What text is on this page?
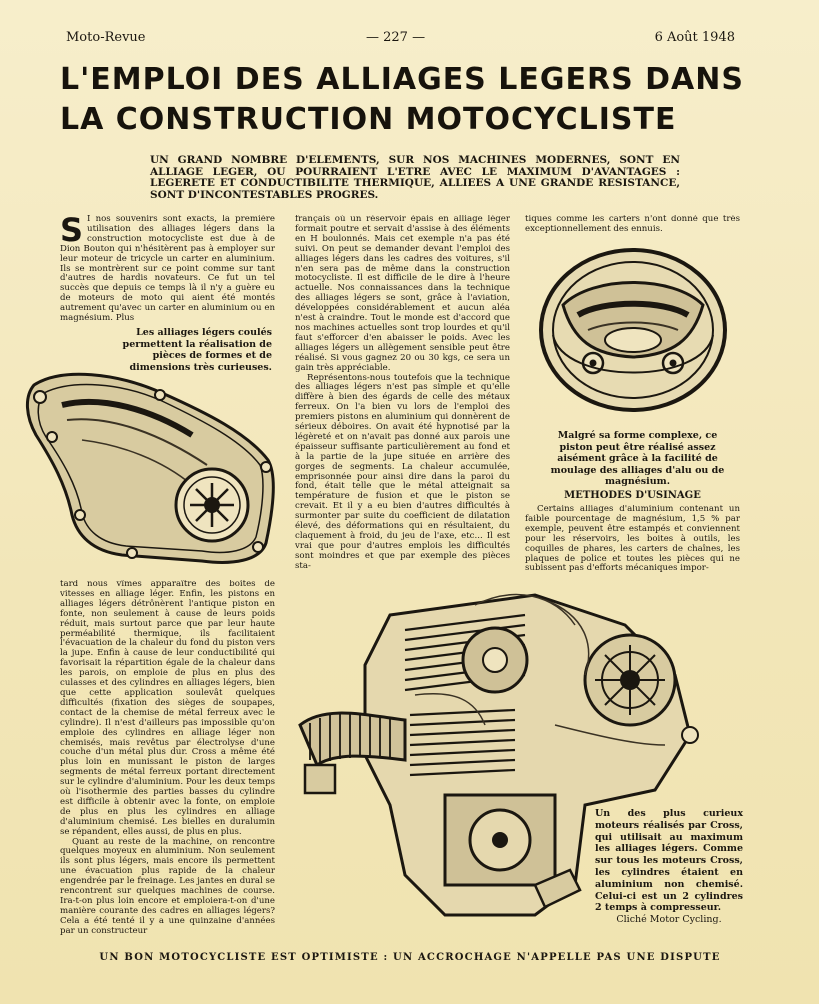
Moto-Revue	— 227 —	6 Août 1948
L'EMPLOI DES ALLIAGES LEGERS DANS
LA CONSTRUCTION MOTOCYCLISTE
UN GRAND NOMBRE D'ELEMENTS, SUR NOS MACHINES MODERNES, SONT EN ALLIAGE LEGER, OU POURRAIENT L'ETRE AVEC LE MAXIMUM D'AVANTAGES : LEGERETE ET CONDUCTIBILITE THERMIQUE, ALLIEES A UNE GRANDE RESISTANCE, SONT D'INCONTESTABLES PROGRES.
S I nos souvenirs sont exacts, la première utilisation des alliages légers dans la construction motocycliste est due à de Dion Bouton qui n'hésitèrent pas à employer sur leur moteur de tricycle un carter en aluminium. Ils se montrèrent sur ce point comme sur tant d'autres de hardis novateurs. Ce fut un tel succès que depuis ce temps là il n'y a guère eu de moteurs de moto qui aient été montés autrement qu'avec un carter en aluminium ou en magnésium. Plus

Les alliages légers coulés permettent la réalisation de pièces de formes et de dimensions très curieuses.

tard nous vîmes apparaître des boites de vitesses en alliage léger. Enfin, les pistons en alliages légers détrônèrent l'antique piston en fonte, non seulement à cause de leurs poids réduit, mais surtout parce que par leur haute perméabilité thermique, ils facilitaient l'évacuation de la chaleur du fond du piston vers la jupe. Enfin à cause de leur conductibilité qui favorisait la répartition égale de la chaleur dans les parois, on emploie de plus en plus des culasses et des cylindres en alliages légers, bien que cette application soulevât quelques difficultés (fixation des sièges de soupapes, contact de la chemise de métal ferreux avec le cylindre). Il n'est d'ailleurs pas impossible qu'on emploie des cylindres en alliage léger non chemisés, mais revêtus par électrolyse d'une couche d'un métal plus dur. Cross a même été plus loin en munissant le piston de larges segments de métal ferreux portant directement sur le cylindre d'aluminium. Pour les deux temps où l'isothermie des parties basses du cylindre est difficile à obtenir avec la fonte, on emploie de plus en plus les cylindres en alliage d'aluminium chemisé. Les bielles en duralumin se répandent, elles aussi, de plus en plus.

Quant au reste de la machine, on rencontre quelques moyeux en aluminium. Non seulement ils sont plus légers, mais encore ils permettent une évacuation plus rapide de la chaleur engendrée par le freinage. Les jantes en dural se rencontrent sur quelques machines de course. Ira-t-on plus loin encore et emploiera-t-on d'une manière courante des cadres en alliages légers? Cela a été tenté il y a une quinzaine d'années par un constructeur

français où un réservoir épais en alliage léger formait poutre et servait d'assise à des éléments en H boulonnés. Mais cet exemple n'a pas été suivi. On peut se demander devant l'emploi des alliages légers dans les cadres des voitures, s'il n'en sera pas de même dans la construction motocycliste. Il est difficile de le dire à l'heure actuelle. Nos connaissances dans la technique des alliages légers se sont, grâce à l'aviation, développées considérablement et aucun aléa n'est à craindre. Tout le monde est d'accord que nos machines actuelles sont trop lourdes et qu'il faut s'efforcer d'en abaisser le poids. Avec les alliages légers un allègement sensible peut être réalisé. Si vous gagnez 20 ou 30 kgs, ce sera un gain très appréciable.

Représentons-nous toutefois que la technique des alliages légers n'est pas simple et qu'elle diffère à bien des égards de celle des métaux ferreux. On l'a bien vu lors de l'emploi des premiers pistons en aluminium qui donnèrent de sérieux déboires. On avait été hypnotisé par la légèreté et on n'avait pas donné aux parois une épaisseur suffisante particulièrement au fond et à la partie de la jupe située en arrière des gorges de segments. La chaleur accumulée, emprisonnée pour ainsi dire dans la paroi du fond, était telle que le métal atteignait sa température de fusion et que le piston se crevait. Et il y a eu bien d'autres difficultés à surmonter par suite du coefficient de dilatation élevé, des déformations qui en résultaient, du claquement à froid, du jeu de l'axe, etc... Il est vrai que pour d'autres emplois les difficultés sont moindres et que par exemple des pièces sta-

tiques comme les carters n'ont donné que très exceptionnellement des ennuis.

Malgré sa forme complexe, ce piston peut être réalisé assez aisément grâce à la facilité de moulage des alliages d'alu ou de magnésium.
METHODES D'USINAGE

Certains alliages d'aluminium contenant un faible pourcentage de magnésium, 1,5 % par exemple, peuvent être estampés et conviennent pour les réservoirs, les boites à outils, les coquilles de phares, les carters de chaînes, les plaques de police et toutes les pièces qui ne subissent pas d'efforts mécaniques impor-

Un des plus curieux moteurs réalisés par Cross, qui utilisait au maximum les alliages légers. Comme sur tous les moteurs Cross, les cylindres étaient en aluminium non chemisé. Celui-ci est un 2 cylindres 2 temps à compresseur.
Cliché Motor Cycling.
UN BON MOTOCYCLISTE EST OPTIMISTE : UN ACCROCHAGE N'APPELLE PAS UNE DISPUTE
